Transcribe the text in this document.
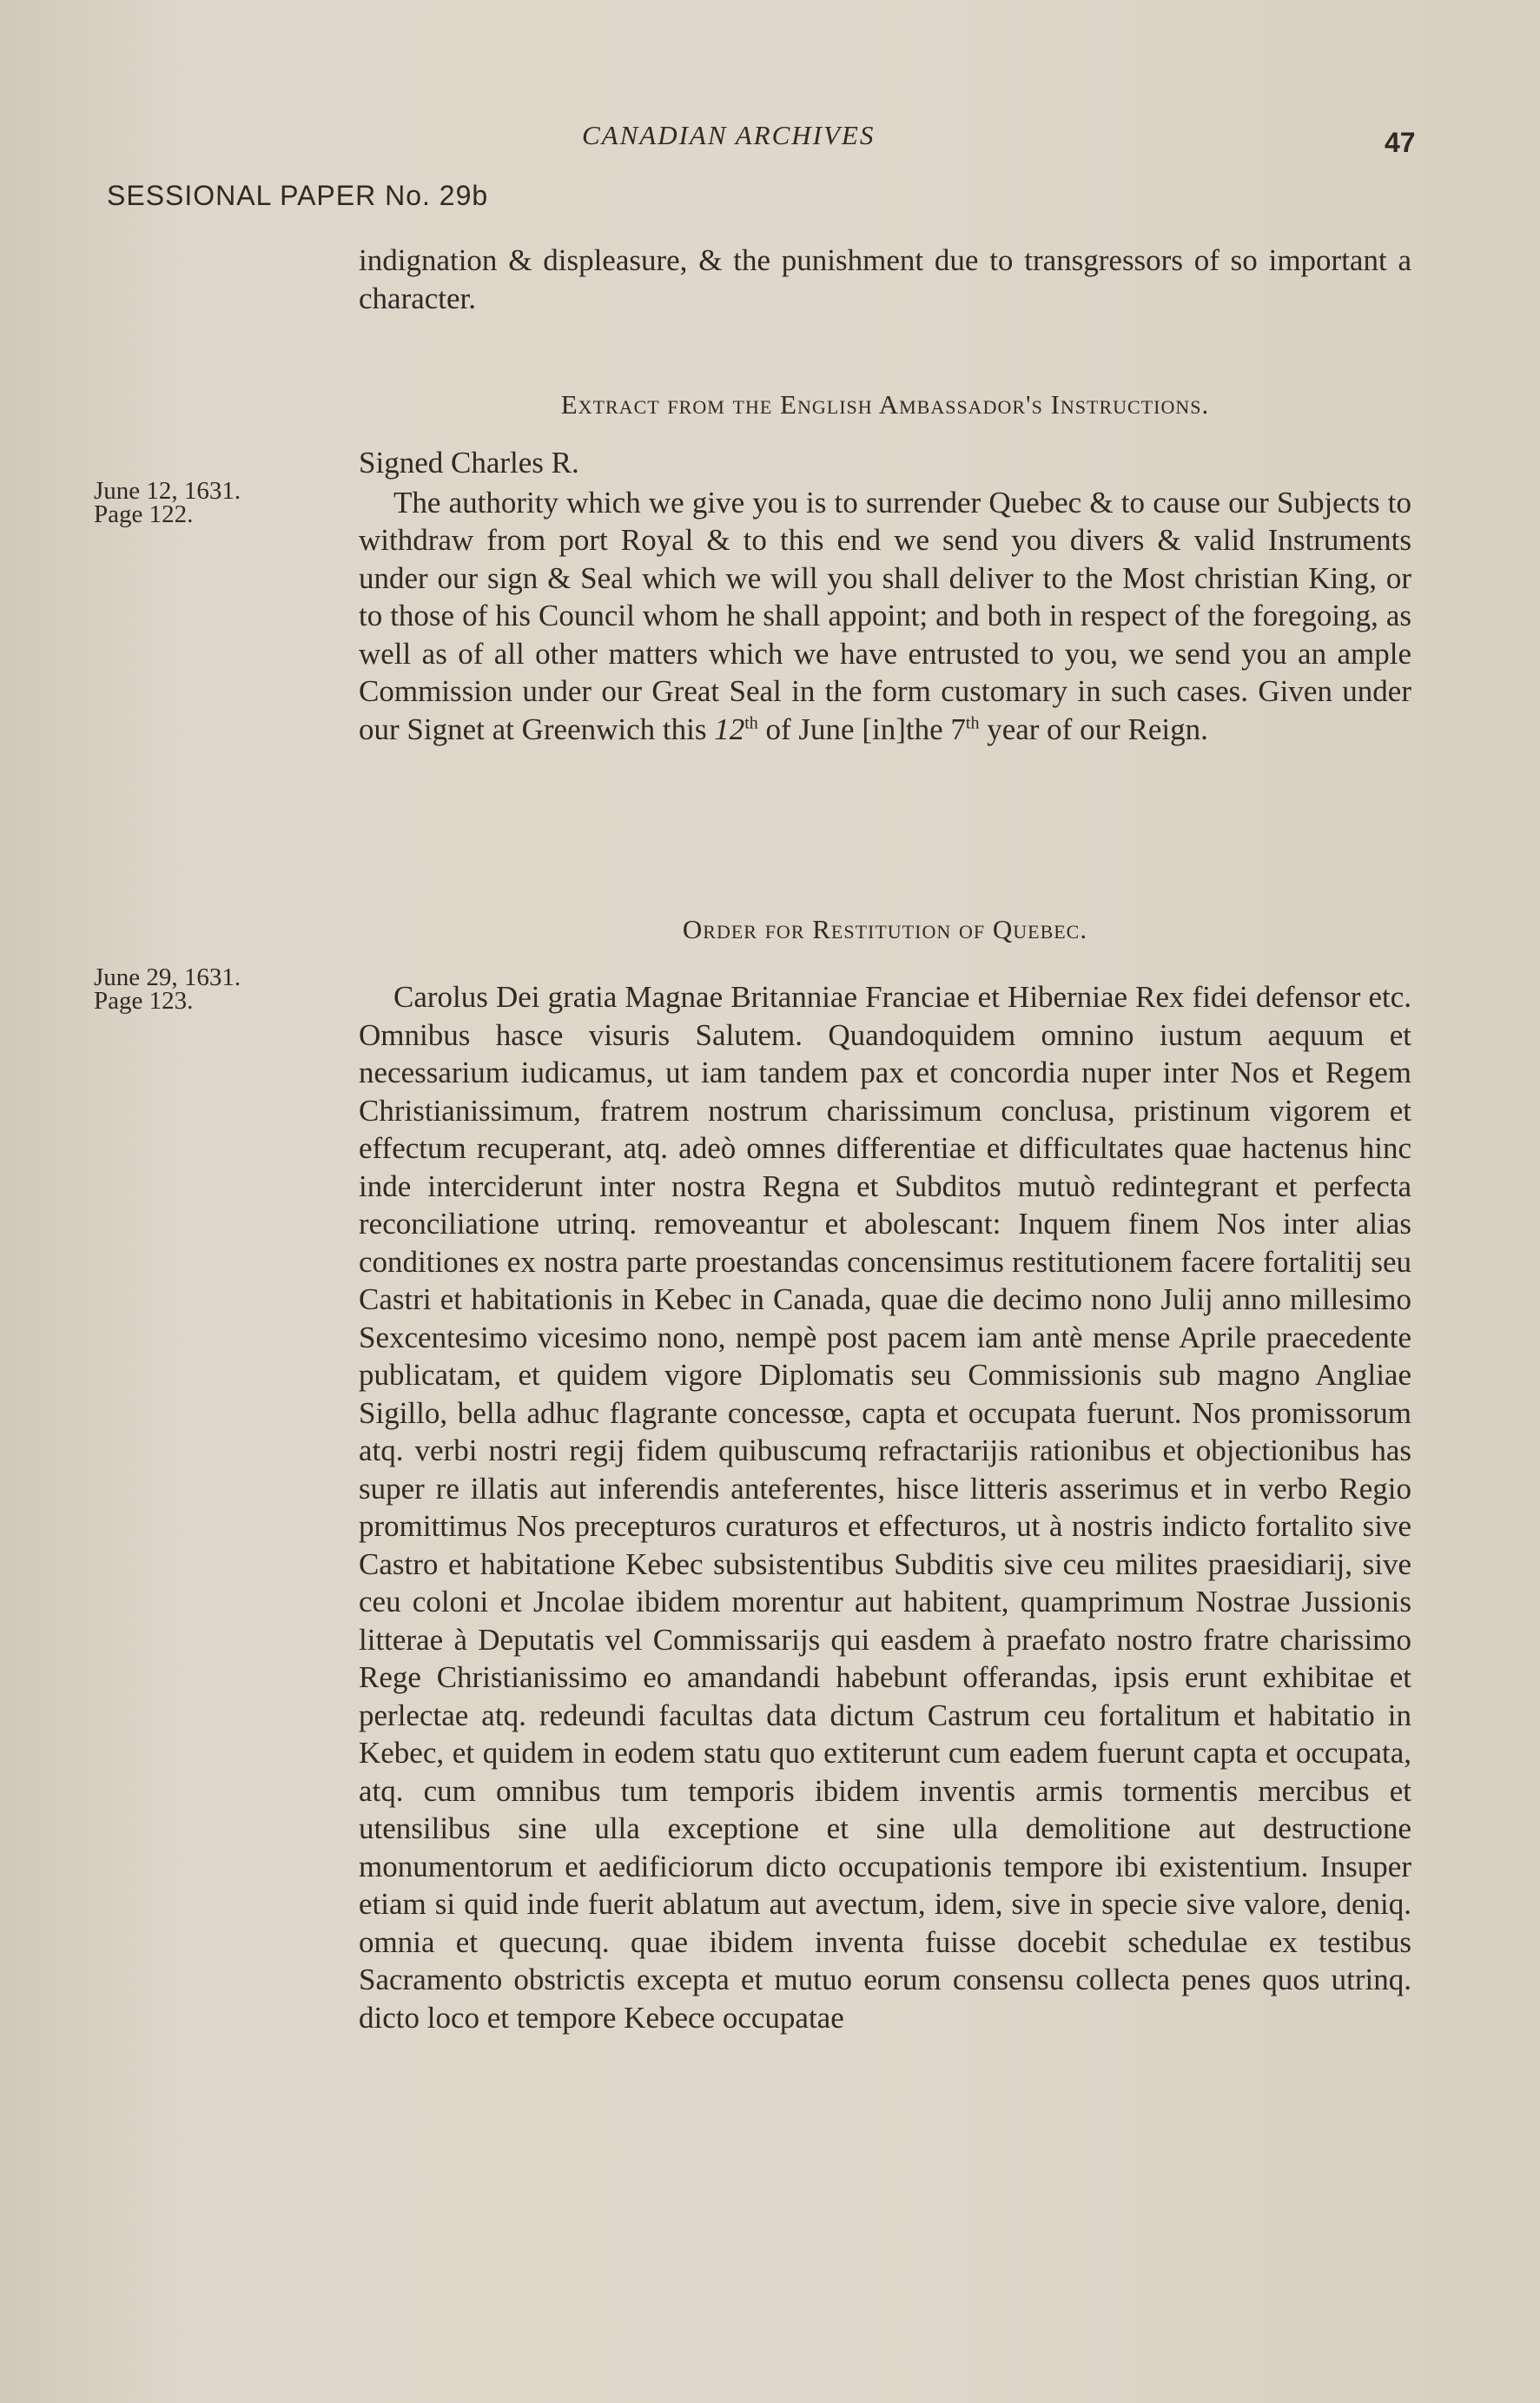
CANADIAN ARCHIVES	47
SESSIONAL PAPER No. 29b

indignation & displeasure, & the punishment due to transgressors of so important a character.

Extract from the English Ambassador's Instructions.
June 12, 1631.
Page 122.

Signed Charles R.

The authority which we give you is to surrender Quebec & to cause our Subjects to withdraw from port Royal & to this end we send you divers & valid Instruments under our sign & Seal which we will you shall deliver to the Most christian King, or to those of his Council whom he shall appoint; and both in respect of the foregoing, as well as of all other matters which we have entrusted to you, we send you an ample Commission under our Great Seal in the form customary in such cases. Given under our Signet at Greenwich this 12th of June [in]the 7th year of our Reign.

Order for Restitution of Quebec.
June 29, 1631.
Page 123.	Carolus Dei gratia Magnae Britanniae Franciae et Hiberniae Rex fidei defensor etc. Omnibus hasce visuris Salutem. Quandoquidem omnino iustum aequum et necessarium iudicamus, ut iam tandem pax et concordia nuper inter Nos et Regem Christianissimum, fratrem nostrum charissimum conclusa, pristinum vigorem et effectum recuperant, atq. adeò omnes differentiae et difficultates quae hactenus hinc inde interciderunt inter nostra Regna et Subditos mutuò redintegrant et perfecta reconciliatione utrinq. removeantur et abolescant: Inquem finem Nos inter alias conditiones ex nostra parte proestandas concensimus restitutionem facere fortalitij seu Castri et habitationis in Kebec in Canada, quae die decimo nono Julij anno millesimo Sexcentesimo vicesimo nono, nempè post pacem iam antè mense Aprile praecedente publicatam, et quidem vigore Diplomatis seu Commissionis sub magno Angliae Sigillo, bella adhuc flagrante concessœ, capta et occupata fuerunt. Nos promissorum atq. verbi nostri regij fidem quibuscumq refractarijis rationibus et objectionibus has super re illatis aut inferendis anteferentes, hisce litteris asserimus et in verbo Regio promittimus Nos precepturos curaturos et effecturos, ut à nostris indicto fortalito sive Castro et habitatione Kebec subsistentibus Subditis sive ceu milites praesidiarij, sive ceu coloni et Jncolae ibidem morentur aut habitent, quamprimum Nostrae Jussionis litterae à Deputatis vel Commissarijs qui easdem à praefato nostro fratre charissimo Rege Christianissimo eo amandandi habebunt offerandas, ipsis erunt exhibitae et perlectae atq. redeundi facultas data dictum Castrum ceu fortalitum et habitatio in Kebec, et quidem in eodem statu quo extiterunt cum eadem fuerunt capta et occupata, atq. cum omnibus tum temporis ibidem inventis armis tormentis mercibus et utensilibus sine ulla exceptione et sine ulla demolitione aut destructione monumentorum et aedificiorum dicto occupationis tempore ibi existentium. Insuper etiam si quid inde fuerit ablatum aut avectum, idem, sive in specie sive valore, deniq. omnia et quecunq. quae ibidem inventa fuisse docebit schedulae ex testibus Sacramento obstrictis excepta et mutuo eorum consensu collecta penes quos utrinq. dicto loco et tempore Kebece occupatae
